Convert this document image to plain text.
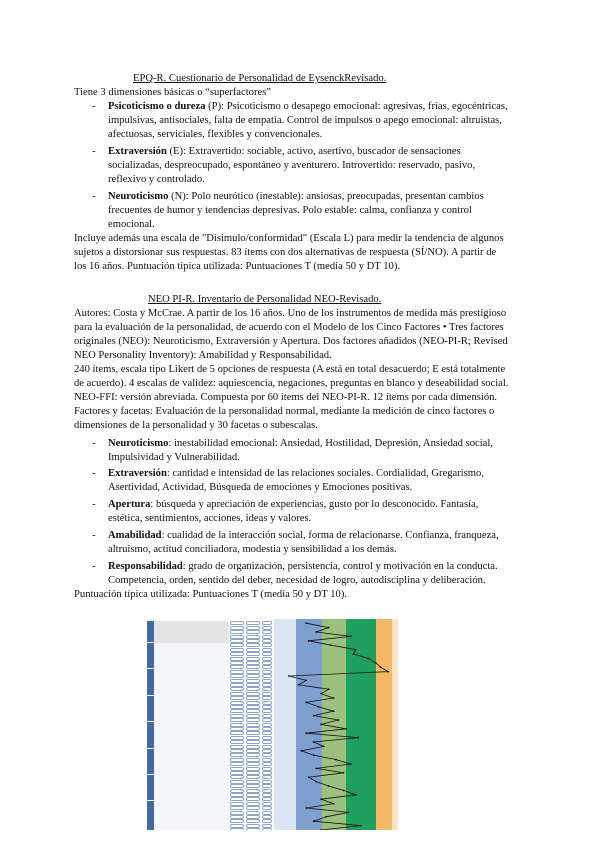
EPQ-R. Cuestionario de Personalidad de EysenckRevisado.
Tiene 3 dimensiones básicas o “superfactores”
- Psicoticismo o dureza (P): Psicoticismo o desapego emocional: agresivas, frías, egocéntricas,
impulsivas, antisociales, falta de empatía. Control de impulsos o apego emocional: altruistas,
afectuosas, serviciales, flexibles y convencionales.
- Extraversión (E): Extravertido: sociable, activo, asertivo, buscador de sensaciones
socializadas, despreocupado, espontáneo y aventurero. Introvertido: reservado, pasivo,
reflexivo y controlado.
- Neuroticismo (N): Polo neurótico (inestable): ansiosas, preocupadas, presentan cambios
frecuentes de humor y tendencias depresivas. Polo estable: calma, confianza y control
emocional.
Incluye además una escala de "Disimulo/conformidad" (Escala L) para medir la tendencia de algunos
sujetos a distorsionar sus respuestas. 83 ítems con dos alternativas de respuesta (SÍ/NO). A partir de
los 16 años. Puntuación típica utilizada: Puntuaciones T (media 50 y DT 10).
NEO PI-R. Inventario de Personalidad NEO-Revisado.
Autores: Costa y McCrae. A partir de los 16 años. Uno de los instrumentos de medida más prestigioso
para la evaluación de la personalidad, de acuerdo con el Modelo de los Cinco Factores • Tres factores
originales (NEO): Neuroticismo, Extraversión y Apertura. Dos factores añadidos (NEO-PI-R; Revised
NEO Personality Inventory): Amabilidad y Responsabilidad.
240 ítems, escala tipo Likert de 5 opciones de respuesta (A está en total desacuerdo; E está totalmente
de acuerdo). 4 escalas de validez: aquiescencia, negaciones, preguntas en blanco y deseabilidad social.
NEO-FFI: versión abreviada. Compuesta por 60 ítems del NEO-PI-R. 12 ítems por cada dimensión.
Factores y facetas: Evaluación de la personalidad normal, mediante la medición de cinco factores o
dimensiones de la personalidad y 30 facetas o subescalas.
- Neuroticismo: inestabilidad emocional: Ansiedad, Hostilidad, Depresión, Ansiedad social,
Impulsividad y Vulnerabilidad.
- Extraversión: cantidad e intensidad de las relaciones sociales. Cordialidad, Gregarismo,
Asertividad, Actividad, Búsqueda de emociones y Emociones positivas.
- Apertura: búsqueda y apreciación de experiencias, gusto por lo desconocido. Fantasía,
estética, sentimientos, acciones, ideas y valores.
- Amabilidad: cualidad de la interacción social, forma de relacionarse. Confianza, franqueza,
altruismo, actitud conciliadora, modestia y sensibilidad a los demás.
- Responsabilidad: grado de organización, persistencia, control y motivación en la conducta.
Competencia, orden, sentido del deber, necesidad de logro, autodisciplina y deliberación.
Puntuación típica utilizada: Puntuaciones T (media 50 y DT 10).
